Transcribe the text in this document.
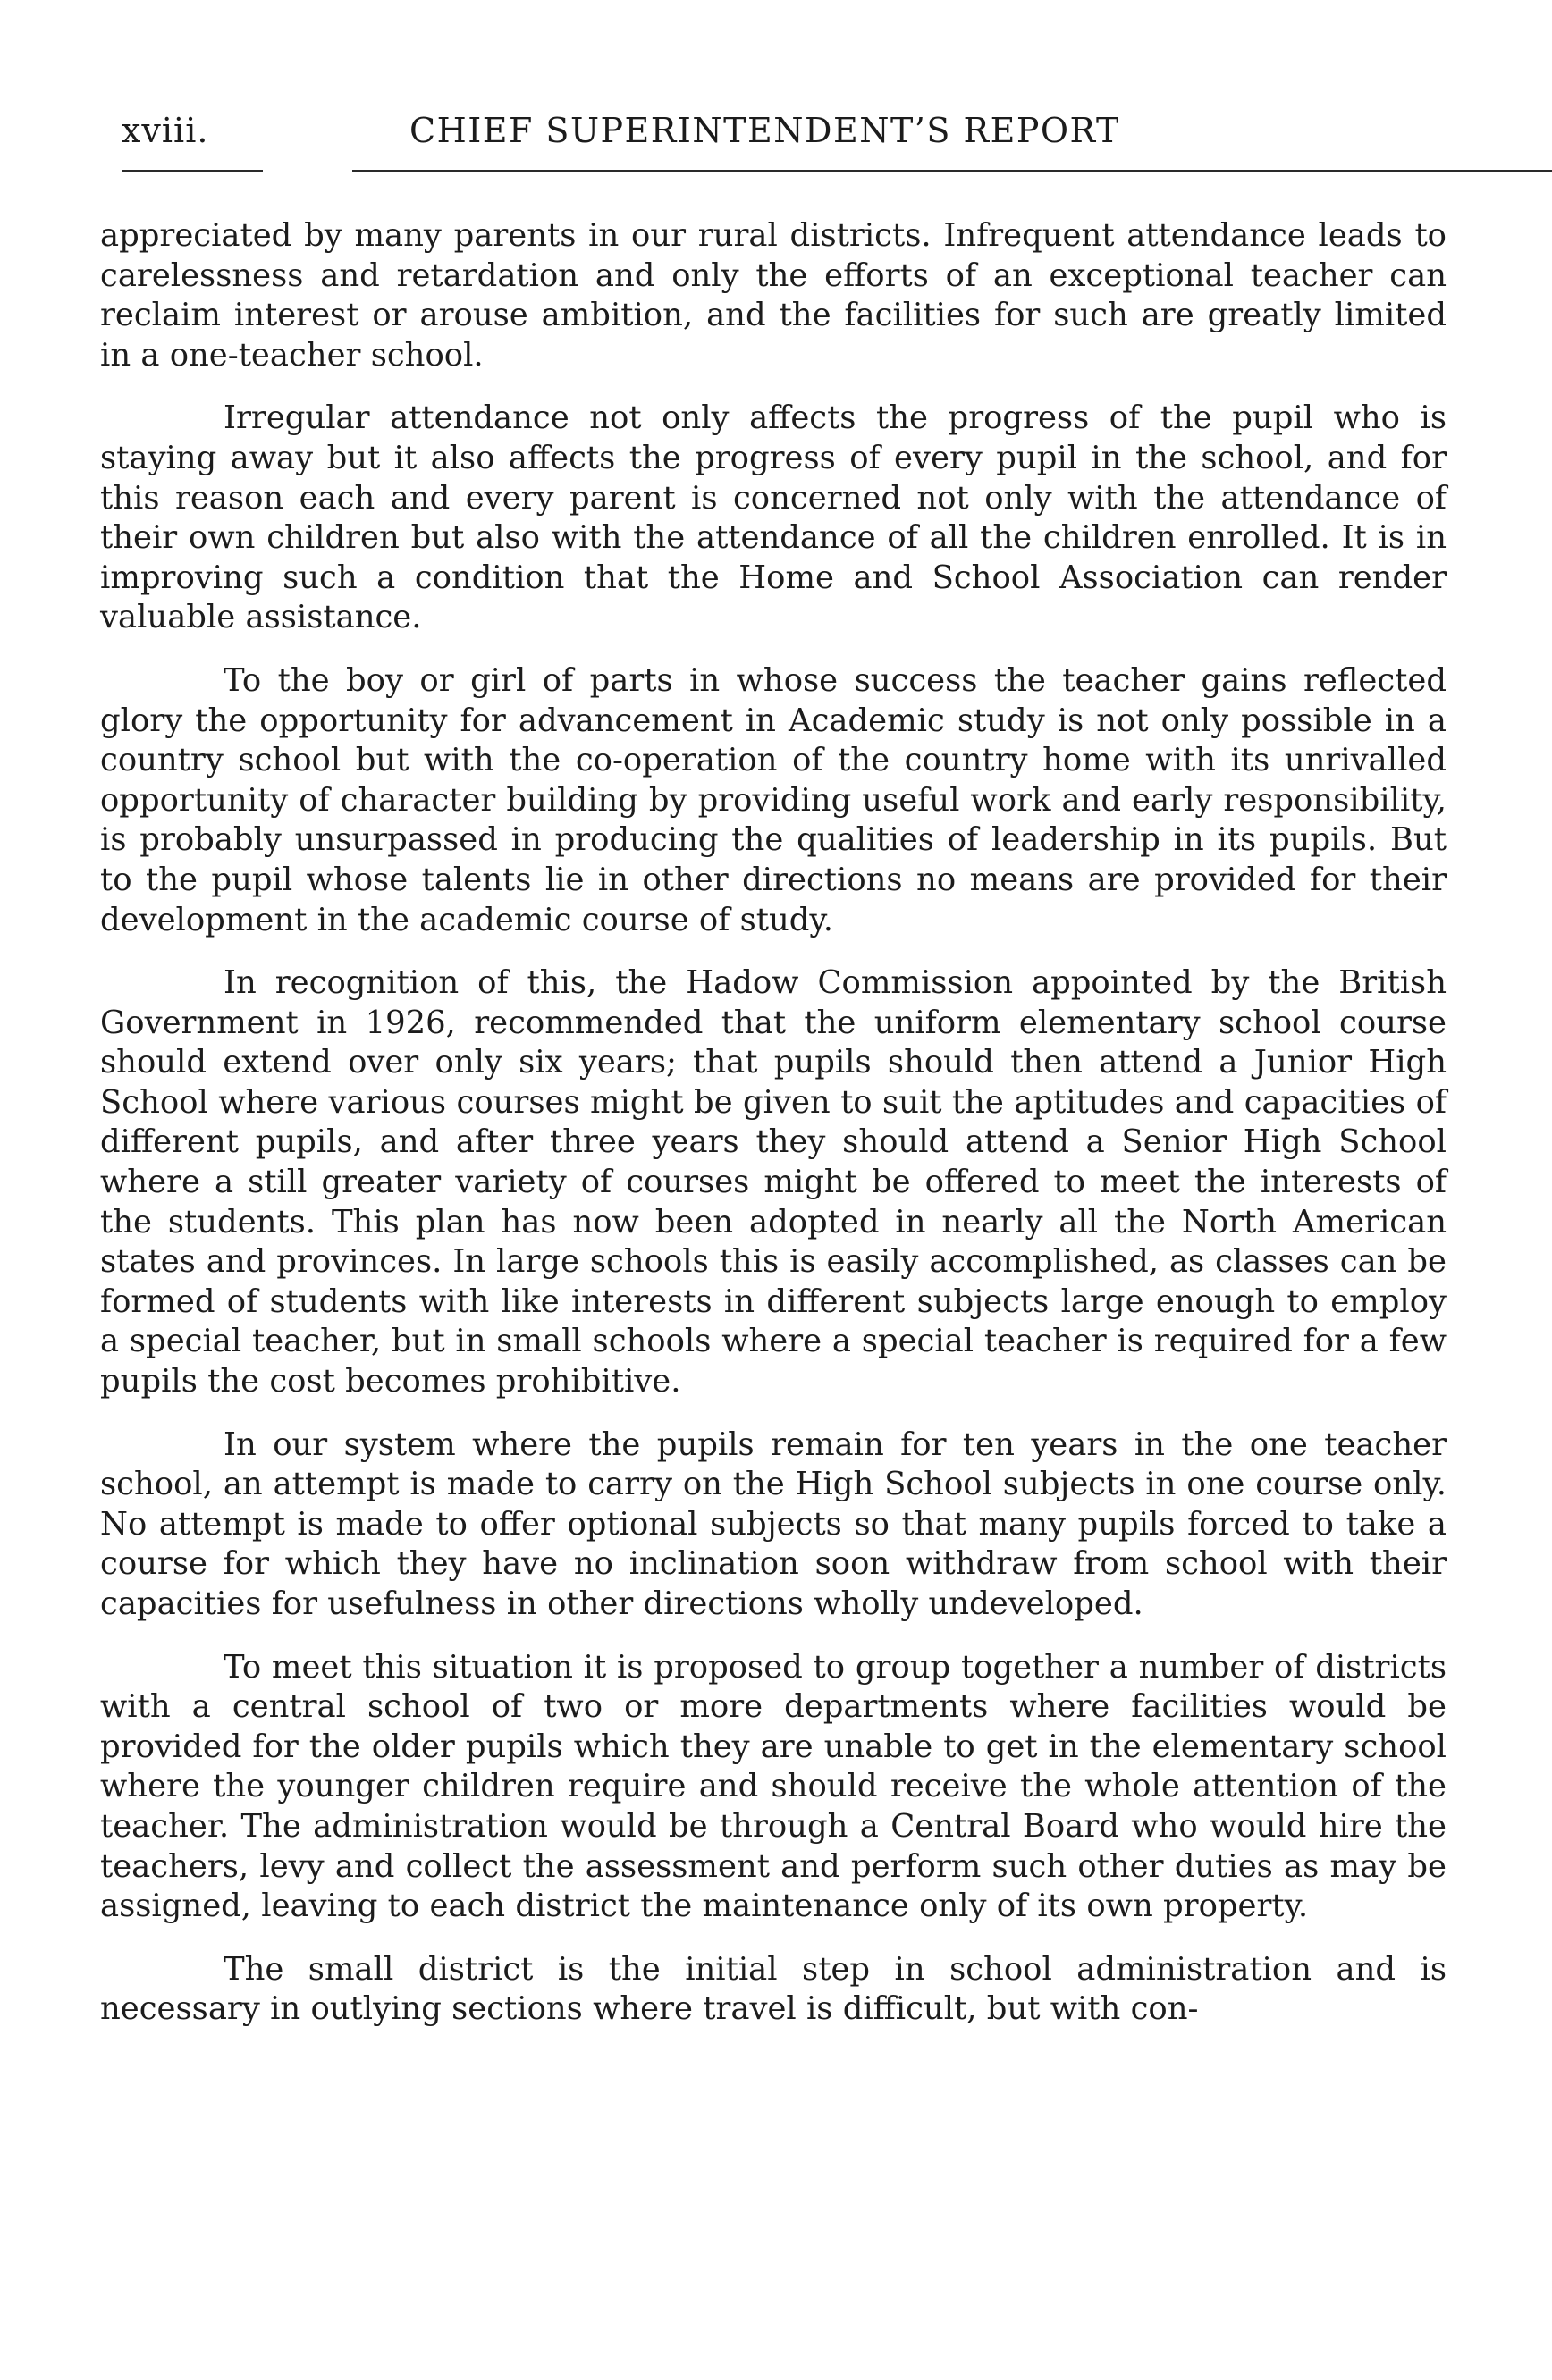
xviii.	CHIEF SUPERINTENDENT’S REPORT

appreciated by many parents in our rural districts. Infrequent attendance leads to carelessness and retardation and only the efforts of an exceptional teacher can reclaim interest or arouse ambition, and the facilities for such are greatly limited in a one-teacher school.

Irregular attendance not only affects the progress of the pupil who is staying away but it also affects the progress of every pupil in the school, and for this reason each and every parent is concerned not only with the attendance of their own children but also with the attendance of all the children enrolled. It is in improving such a condition that the Home and School Association can render valuable assistance.

To the boy or girl of parts in whose success the teacher gains reflected glory the opportunity for advancement in Academic study is not only possible in a country school but with the co-operation of the country home with its unrivalled opportunity of character building by providing useful work and early responsibility, is probably unsurpassed in producing the qualities of leadership in its pupils. But to the pupil whose talents lie in other directions no means are provided for their development in the academic course of study.

In recognition of this, the Hadow Commission appointed by the British Government in 1926, recommended that the uniform elementary school course should extend over only six years; that pupils should then attend a Junior High School where various courses might be given to suit the aptitudes and capacities of different pupils, and after three years they should attend a Senior High School where a still greater variety of courses might be offered to meet the interests of the students. This plan has now been adopted in nearly all the North American states and provinces. In large schools this is easily accomplished, as classes can be formed of students with like interests in different subjects large enough to employ a special teacher, but in small schools where a special teacher is required for a few pupils the cost becomes prohibitive.

In our system where the pupils remain for ten years in the one teacher school, an attempt is made to carry on the High School subjects in one course only. No attempt is made to offer optional subjects so that many pupils forced to take a course for which they have no inclination soon withdraw from school with their capacities for usefulness in other directions wholly undeveloped.

To meet this situation it is proposed to group together a number of districts with a central school of two or more departments where facilities would be provided for the older pupils which they are unable to get in the elementary school where the younger children require and should receive the whole attention of the teacher. The administration would be through a Central Board who would hire the teachers, levy and collect the assessment and perform such other duties as may be assigned, leaving to each district the maintenance only of its own property.

The small district is the initial step in school administration and is necessary in outlying sections where travel is difficult, but with con-
